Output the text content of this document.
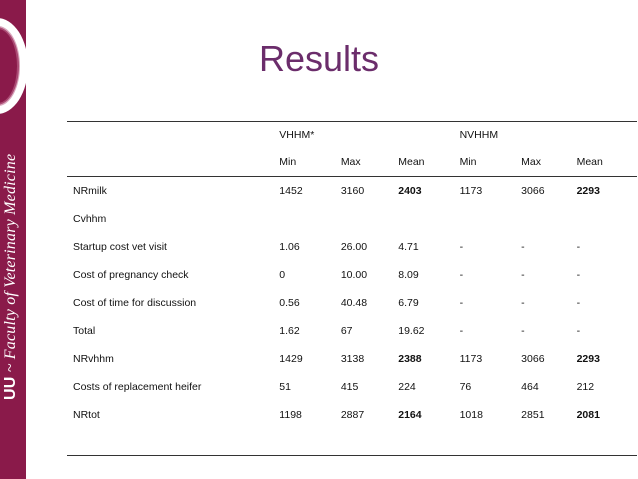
UU ~ Faculty of Veterinary Medicine
Results
	VHHM*			NVHHM		
	Min	Max	Mean	Min	Max	Mean
NRmilk	1452	3160	2403	1173	3066	2293
Cvhhm						
Startup cost vet visit	1.06	26.00	4.71	-	-	-
Cost of pregnancy check	0	10.00	8.09	-	-	-
Cost of time for discussion	0.56	40.48	6.79	-	-	-
Total	1.62	67	19.62	-	-	-
NRvhhm	1429	3138	2388	1173	3066	2293
Costs of replacement heifer	51	415	224	76	464	212
NRtot	1198	2887	2164	1018	2851	2081
